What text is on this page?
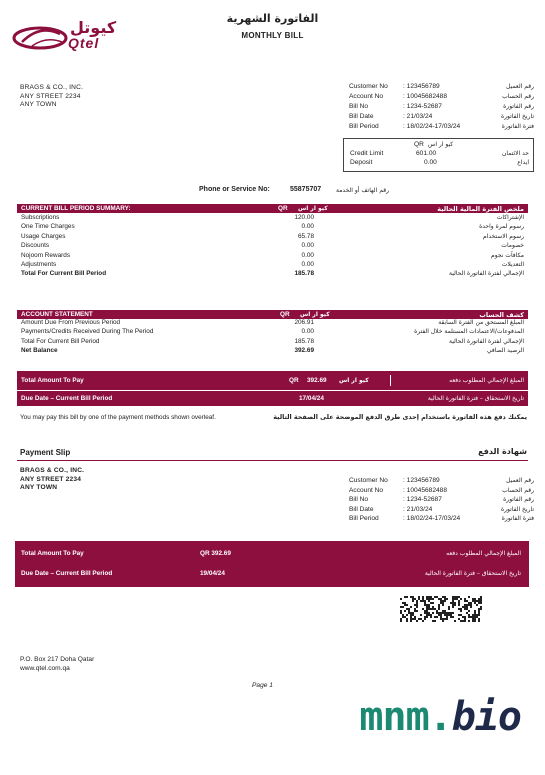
كيوتل
Qtel
الفاتورة الشهرية
MONTHLY BILL
BRAGS & CO., INC.
ANY STREET 2234
ANY TOWN
Customer No : 123456789	رقم العميل
Account No	: 10045682488	رقم الحساب
Bill No	: 1234-52687	رقم الفاتورة
Bill Date	: 21/03/24	تاريخ الفاتورة
Bill Period	: 18/02/24-17/03/24	فترة الفاتورة
QR كيو ار اس
Credit Limit	601.00	حد الائتمان
Deposit	0.00	ايداع
Phone or Service No:	55875707 رقم الهاتف أو الخدمة
CURRENT BILL PERIOD SUMMARY:	QR كيو ار اس	ملخص الفترة المالية الحالية
Subscriptions	120.00	الإشتراكات
One Time Charges	0.00	رسوم لمرة واحدة
Usage Charges	65.78	رسوم الاستخدام
Discounts	0.00	خصومات
Nojoom Rewards	0.00	مكافآت نجوم
Adjustments	0.00	التعديلات
Total For Current Bill Period	185.78	الإجمالي لفترة الفاتورة الحالية
ACCOUNT STATEMENT	QR كيو ار اس	كشف الحساب
Amount Due From Previous Period	206.91	المبلغ المستحق من الفترة السابقة
Payments/Credits Received During The Period	0.00	المدفوعات/الاعتمادات المستلمة خلال الفترة
Total For Current Bill Period	185.78	الإجمالي لفترة الفاتورة الحالية
Net Balance	392.69	الرصيد الصافي
Total Amount To Pay	QR 392.69 كيو ار اس	المبلغ الإجمالي المطلوب دفعه
Due Date – Current Bill Period	17/04/24	تاريخ الاستحقاق – فترة الفاتورة الحالية
You may pay this bill by one of the payment methods shown overleaf.	يمكنك دفع هذه الفاتورة باستخدام إحدى طرق الدفع الموضحة على الصفحة التالية
Payment Slip	شهادة الدفع
BRAGS & CO., INC.
ANY STREET 2234
ANY TOWN
Customer No : 123456789	رقم العميل
Account No	: 10045682488	رقم الحساب
Bill No	: 1234-52687	رقم الفاتورة
Bill Date	: 21/03/24	تاريخ الفاتورة
Bill Period	: 18/02/24-17/03/24	فترة الفاتورة
Total Amount To Pay	QR 392.69	المبلغ الإجمالي المطلوب دفعه
Due Date – Current Bill Period	19/04/24	تاريخ الاستحقاق – فترة الفاتورة الحالية
P.O. Box 217 Doha Qatar
www.qtel.com.qa
Page 1
mnm.bio
